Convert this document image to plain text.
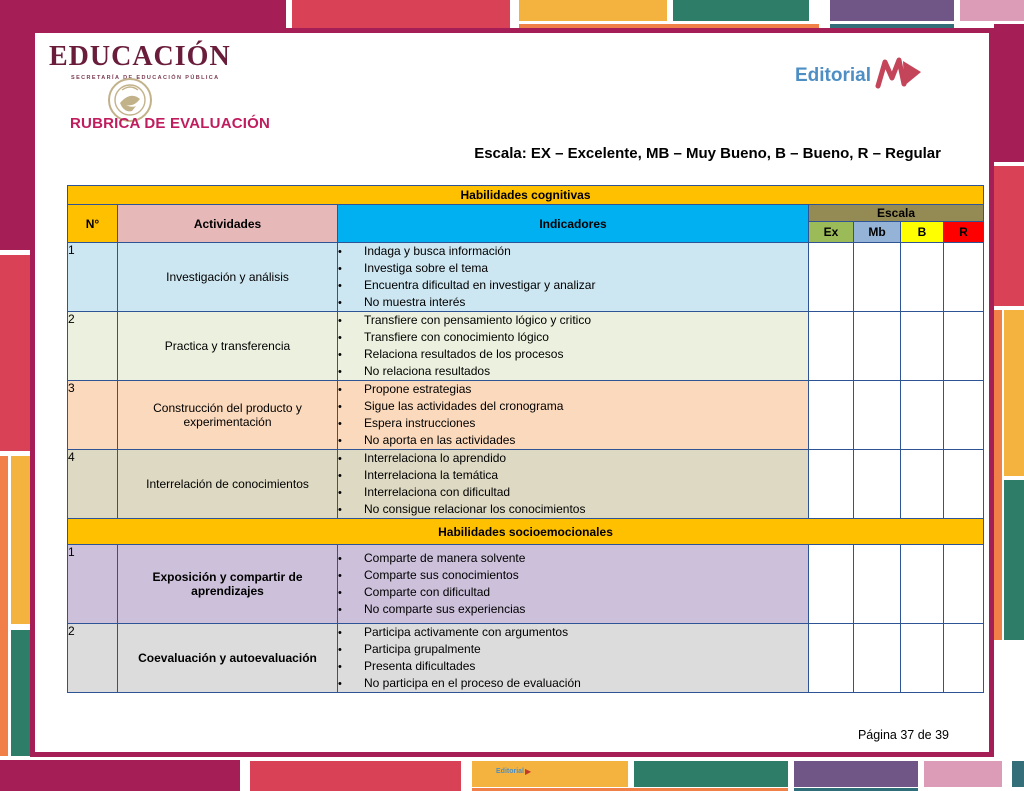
Editorial ▶
EDUCACIÓN
SECRETARÍA DE EDUCACIÓN PÚBLICA	Editorial
RUBRICA DE EVALUACIÓN
Escala: EX – Excelente, MB – Muy Bueno, B – Bueno, R – Regular
Habilidades cognitivas						
N°	Actividades	Indicadores	Escala			
			Ex	Mb	B	R
1	Investigación y análisis	
•	Indaga y busca información
•	Investiga sobre el tema
•	Encuentra dificultad en investigar y analizar
•	No muestra interés

2	Practica y transferencia	
•	Transfiere con pensamiento lógico y critico
•	Transfiere con conocimiento lógico
•	Relaciona resultados de los procesos
•	No relaciona resultados

3	Construcción del producto y experimentación	
•	Propone estrategias
•	Sigue las actividades del cronograma
•	Espera instrucciones
•	No aporta en las actividades

4	Interrelación de conocimientos	
•	Interrelaciona lo aprendido
•	Interrelaciona la temática
•	Interrelaciona con dificultad
•	No consigue relacionar los conocimientos

Habilidades socioemocionales						
1	Exposición y compartir de aprendizajes	
•	Comparte de manera solvente
•	Comparte sus conocimientos
•	Comparte con dificultad
•	No comparte sus experiencias

2	Coevaluación y autoevaluación	
•	Participa activamente con argumentos
•	Participa grupalmente
•	Presenta dificultades
•	No participa en el proceso de evaluación

Página 37 de 39
